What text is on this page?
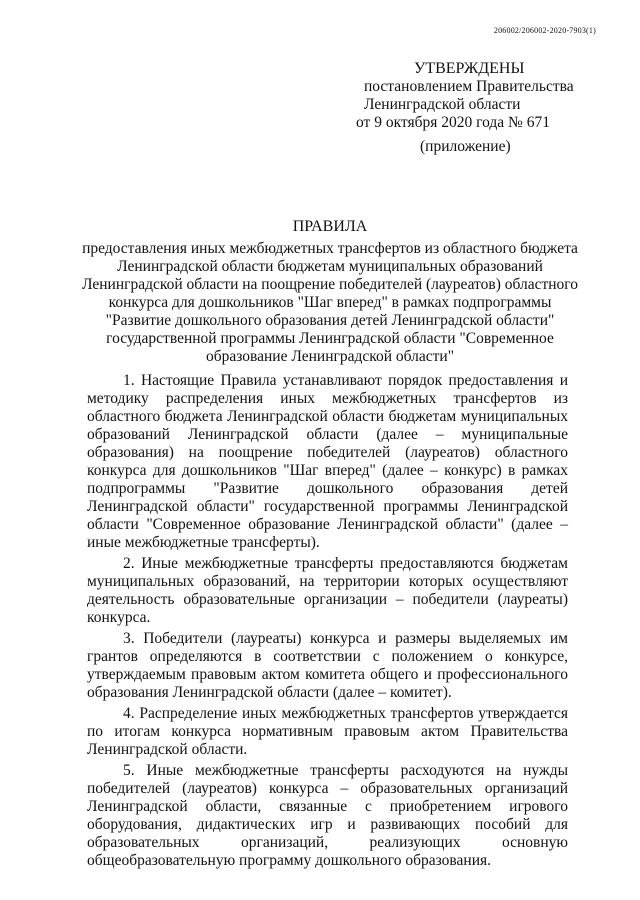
206002/206002-2020-7903(1)
УТВЕРЖДЕНЫ
постановлением Правительства
Ленинградской области
от 9 октября 2020 года № 671
(приложение)
ПРАВИЛА
предоставления иных межбюджетных трансфертов из областного бюджета Ленинградской области бюджетам муниципальных образований Ленинградской области на поощрение победителей (лауреатов) областного конкурса для дошкольников "Шаг вперед" в рамках подпрограммы "Развитие дошкольного образования детей Ленинградской области" государственной программы Ленинградской области "Современное образование Ленинградской области"

1. Настоящие Правила устанавливают порядок предоставления и методику распределения иных межбюджетных трансфертов из областного бюджета Ленинградской области бюджетам муниципальных образований Ленинградской области (далее – муниципальные образования) на поощрение победителей (лауреатов) областного конкурса для дошкольников "Шаг вперед" (далее – конкурс) в рамках подпрограммы "Развитие дошкольного образования детей Ленинградской области" государственной программы Ленинградской области "Современное образование Ленинградской области" (далее – иные межбюджетные трансферты).

2. Иные межбюджетные трансферты предоставляются бюджетам муниципальных образований, на территории которых осуществляют деятельность образовательные организации – победители (лауреаты) конкурса.

3. Победители (лауреаты) конкурса и размеры выделяемых им грантов определяются в соответствии с положением о конкурсе, утверждаемым правовым актом комитета общего и профессионального образования Ленинградской области (далее – комитет).

4. Распределение иных межбюджетных трансфертов утверждается по итогам конкурса нормативным правовым актом Правительства Ленинградской области.

5. Иные межбюджетные трансферты расходуются на нужды победителей (лауреатов) конкурса – образовательных организаций Ленинградской области, связанные с приобретением игрового оборудования, дидактических игр и развивающих пособий для образовательных организаций, реализующих основную общеобразовательную программу дошкольного образования.
